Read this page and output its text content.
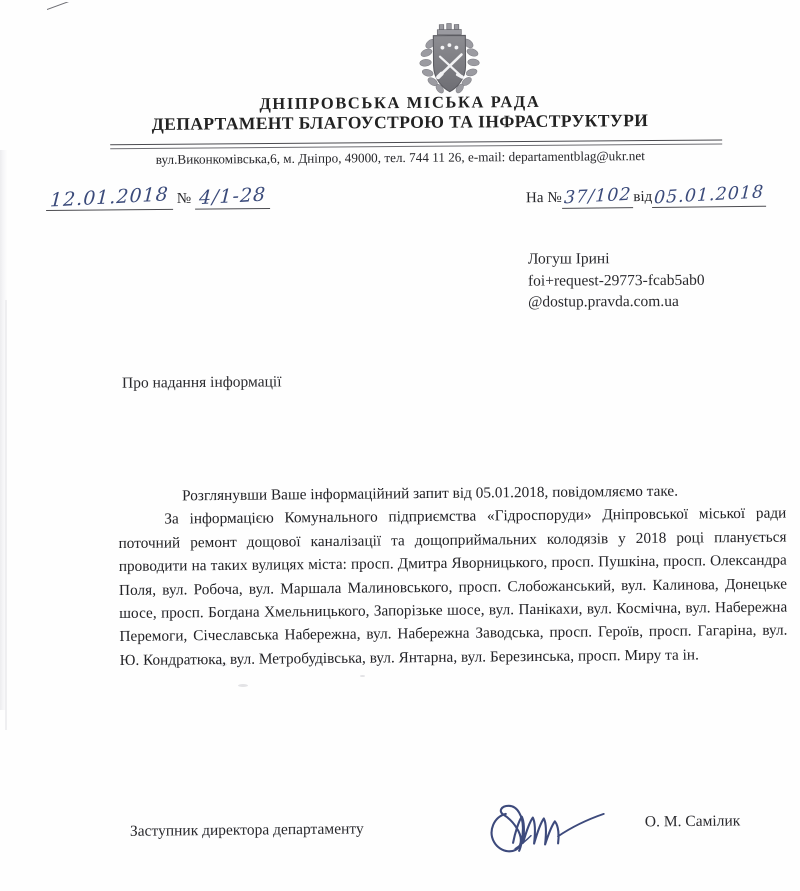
ДНІПРОВСЬКА МІСЬКА РАДА
ДЕПАРТАМЕНТ БЛАГОУСТРОЮ ТА ІНФРАСТРУКТУРИ
вул.Виконкомівська,6, м. Дніпро, 49000, тел. 744 11 26, e-mail: departamentblag@ukr.net
12.01.2018 № 4/1-28	На №37/102від05.01.2018
Логуш Ірині
foi+request-29773-fcab5ab0
@dostup.pravda.com.ua
Про надання інформації

Розглянувши Ваше інформаційний запит від 05.01.2018, повідомляємо таке.

За інформацією Комунального підприємства «Гідроспоруди» Дніпровської міської ради поточний ремонт дощової каналізації та дощоприймальних колодязів у 2018 році планується проводити на таких вулицях міста: просп. Дмитра Яворницького, просп. Пушкіна, просп. Олександра Поля, вул. Робоча, вул. Маршала Малиновського, просп. Слобожанський, вул. Калинова, Донецьке шосе, просп. Богдана Хмельницького, Запорізьке шосе, вул. Панікахи, вул. Космічна, вул. Набережна Перемоги, Січеславська Набережна, вул. Набережна Заводська, просп. Героїв, просп. Гагаріна, вул. Ю. Кондратюка, вул. Метробудівська, вул. Янтарна, вул. Березинська, просп. Миру та ін.

Заступник директора департаменту	О. М. Самілик
